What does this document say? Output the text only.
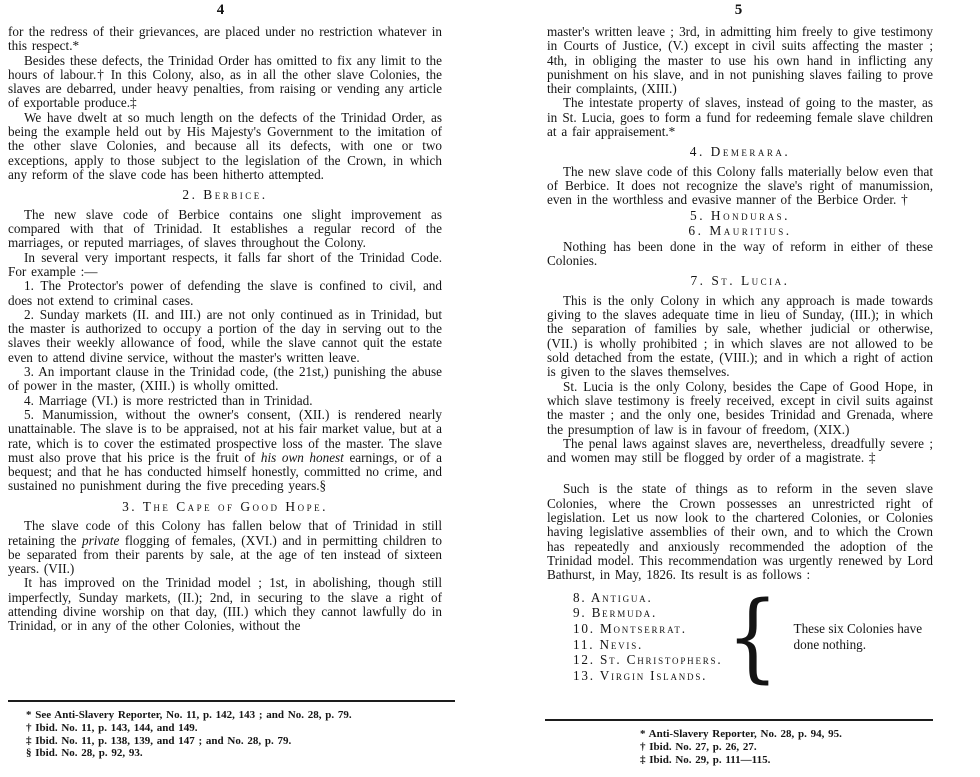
4

for the redress of their grievances, are placed under no restriction whatever in this respect.*

Besides these defects, the Trinidad Order has omitted to fix any limit to the hours of labour.† In this Colony, also, as in all the other slave Colonies, the slaves are debarred, under heavy penalties, from raising or vending any article of exportable produce.‡

We have dwelt at so much length on the defects of the Trinidad Order, as being the example held out by His Majesty's Government to the imitation of the other slave Colonies, and because all its defects, with one or two exceptions, apply to those subject to the legislation of the Crown, in which any reform of the slave code has been hitherto attempted.

2. Berbice.

The new slave code of Berbice contains one slight improvement as compared with that of Trinidad. It establishes a regular record of the marriages, or reputed marriages, of slaves throughout the Colony.

In several very important respects, it falls far short of the Trinidad Code. For example :—

1. The Protector's power of defending the slave is confined to civil, and does not extend to criminal cases.

2. Sunday markets (II. and III.) are not only continued as in Trinidad, but the master is authorized to occupy a portion of the day in serving out to the slaves their weekly allowance of food, while the slave cannot quit the estate even to attend divine service, without the master's written leave.

3. An important clause in the Trinidad code, (the 21st,) punishing the abuse of power in the master, (XIII.) is wholly omitted.

4. Marriage (VI.) is more restricted than in Trinidad.

5. Manumission, without the owner's consent, (XII.) is rendered nearly unattainable. The slave is to be appraised, not at his fair market value, but at a rate, which is to cover the estimated prospective loss of the master. The slave must also prove that his price is the fruit of his own honest earnings, or of a bequest; and that he has conducted himself honestly, committed no crime, and sustained no punishment during the five preceding years.§

3. The Cape of Good Hope.

The slave code of this Colony has fallen below that of Trinidad in still retaining the private flogging of females, (XVI.) and in permitting children to be separated from their parents by sale, at the age of ten instead of sixteen years. (VII.)

It has improved on the Trinidad model ; 1st, in abolishing, though still imperfectly, Sunday markets, (II.); 2nd, in securing to the slave a right of attending divine worship on that day, (III.) which they cannot lawfully do in Trinidad, or in any of the other Colonies, without the

* See Anti-Slavery Reporter, No. 11, p. 142, 143 ; and No. 28, p. 79.
† Ibid. No. 11, p. 143, 144, and 149.
‡ Ibid. No. 11, p. 138, 139, and 147 ; and No. 28, p. 79.
§ Ibid. No. 28, p. 92, 93.
5

master's written leave ; 3rd, in admitting him freely to give testimony in Courts of Justice, (V.) except in civil suits affecting the master ; 4th, in obliging the master to use his own hand in inflicting any punishment on his slave, and in not punishing slaves failing to prove their complaints, (XIII.)

The intestate property of slaves, instead of going to the master, as in St. Lucia, goes to form a fund for redeeming female slave children at a fair appraisement.*

4. Demerara.

The new slave code of this Colony falls materially below even that of Berbice. It does not recognize the slave's right of manumission, even in the worthless and evasive manner of the Berbice Order. †

5. Honduras.
6. Mauritius.

Nothing has been done in the way of reform in either of these Colonies.

7. St. Lucia.

This is the only Colony in which any approach is made towards giving to the slaves adequate time in lieu of Sunday, (III.); in which the separation of families by sale, whether judicial or otherwise, (VII.) is wholly prohibited ; in which slaves are not allowed to be sold detached from the estate, (VIII.); and in which a right of action is given to the slaves themselves.

St. Lucia is the only Colony, besides the Cape of Good Hope, in which slave testimony is freely received, except in civil suits against the master ; and the only one, besides Trinidad and Grenada, where the presumption of law is in favour of freedom, (XIX.)

The penal laws against slaves are, nevertheless, dreadfully severe ; and women may still be flogged by order of a magistrate. ‡

Such is the state of things as to reform in the seven slave Colonies, where the Crown possesses an unrestricted right of legislation. Let us now look to the chartered Colonies, or Colonies having legislative assemblies of their own, and to which the Crown has repeatedly and anxiously recommended the adoption of the Trinidad model. This recommendation was urgently renewed by Lord Bathurst, in May, 1826. Its result is as follows :

8. Antigua.
9. Bermuda.
10. Montserrat.
11. Nevis.
12. St. Christophers.
13. Virgin Islands. { These six Colonies have done nothing.
* Anti-Slavery Reporter, No. 28, p. 94, 95.
† Ibid. No. 27, p. 26, 27.
‡ Ibid. No. 29, p. 111—115.
